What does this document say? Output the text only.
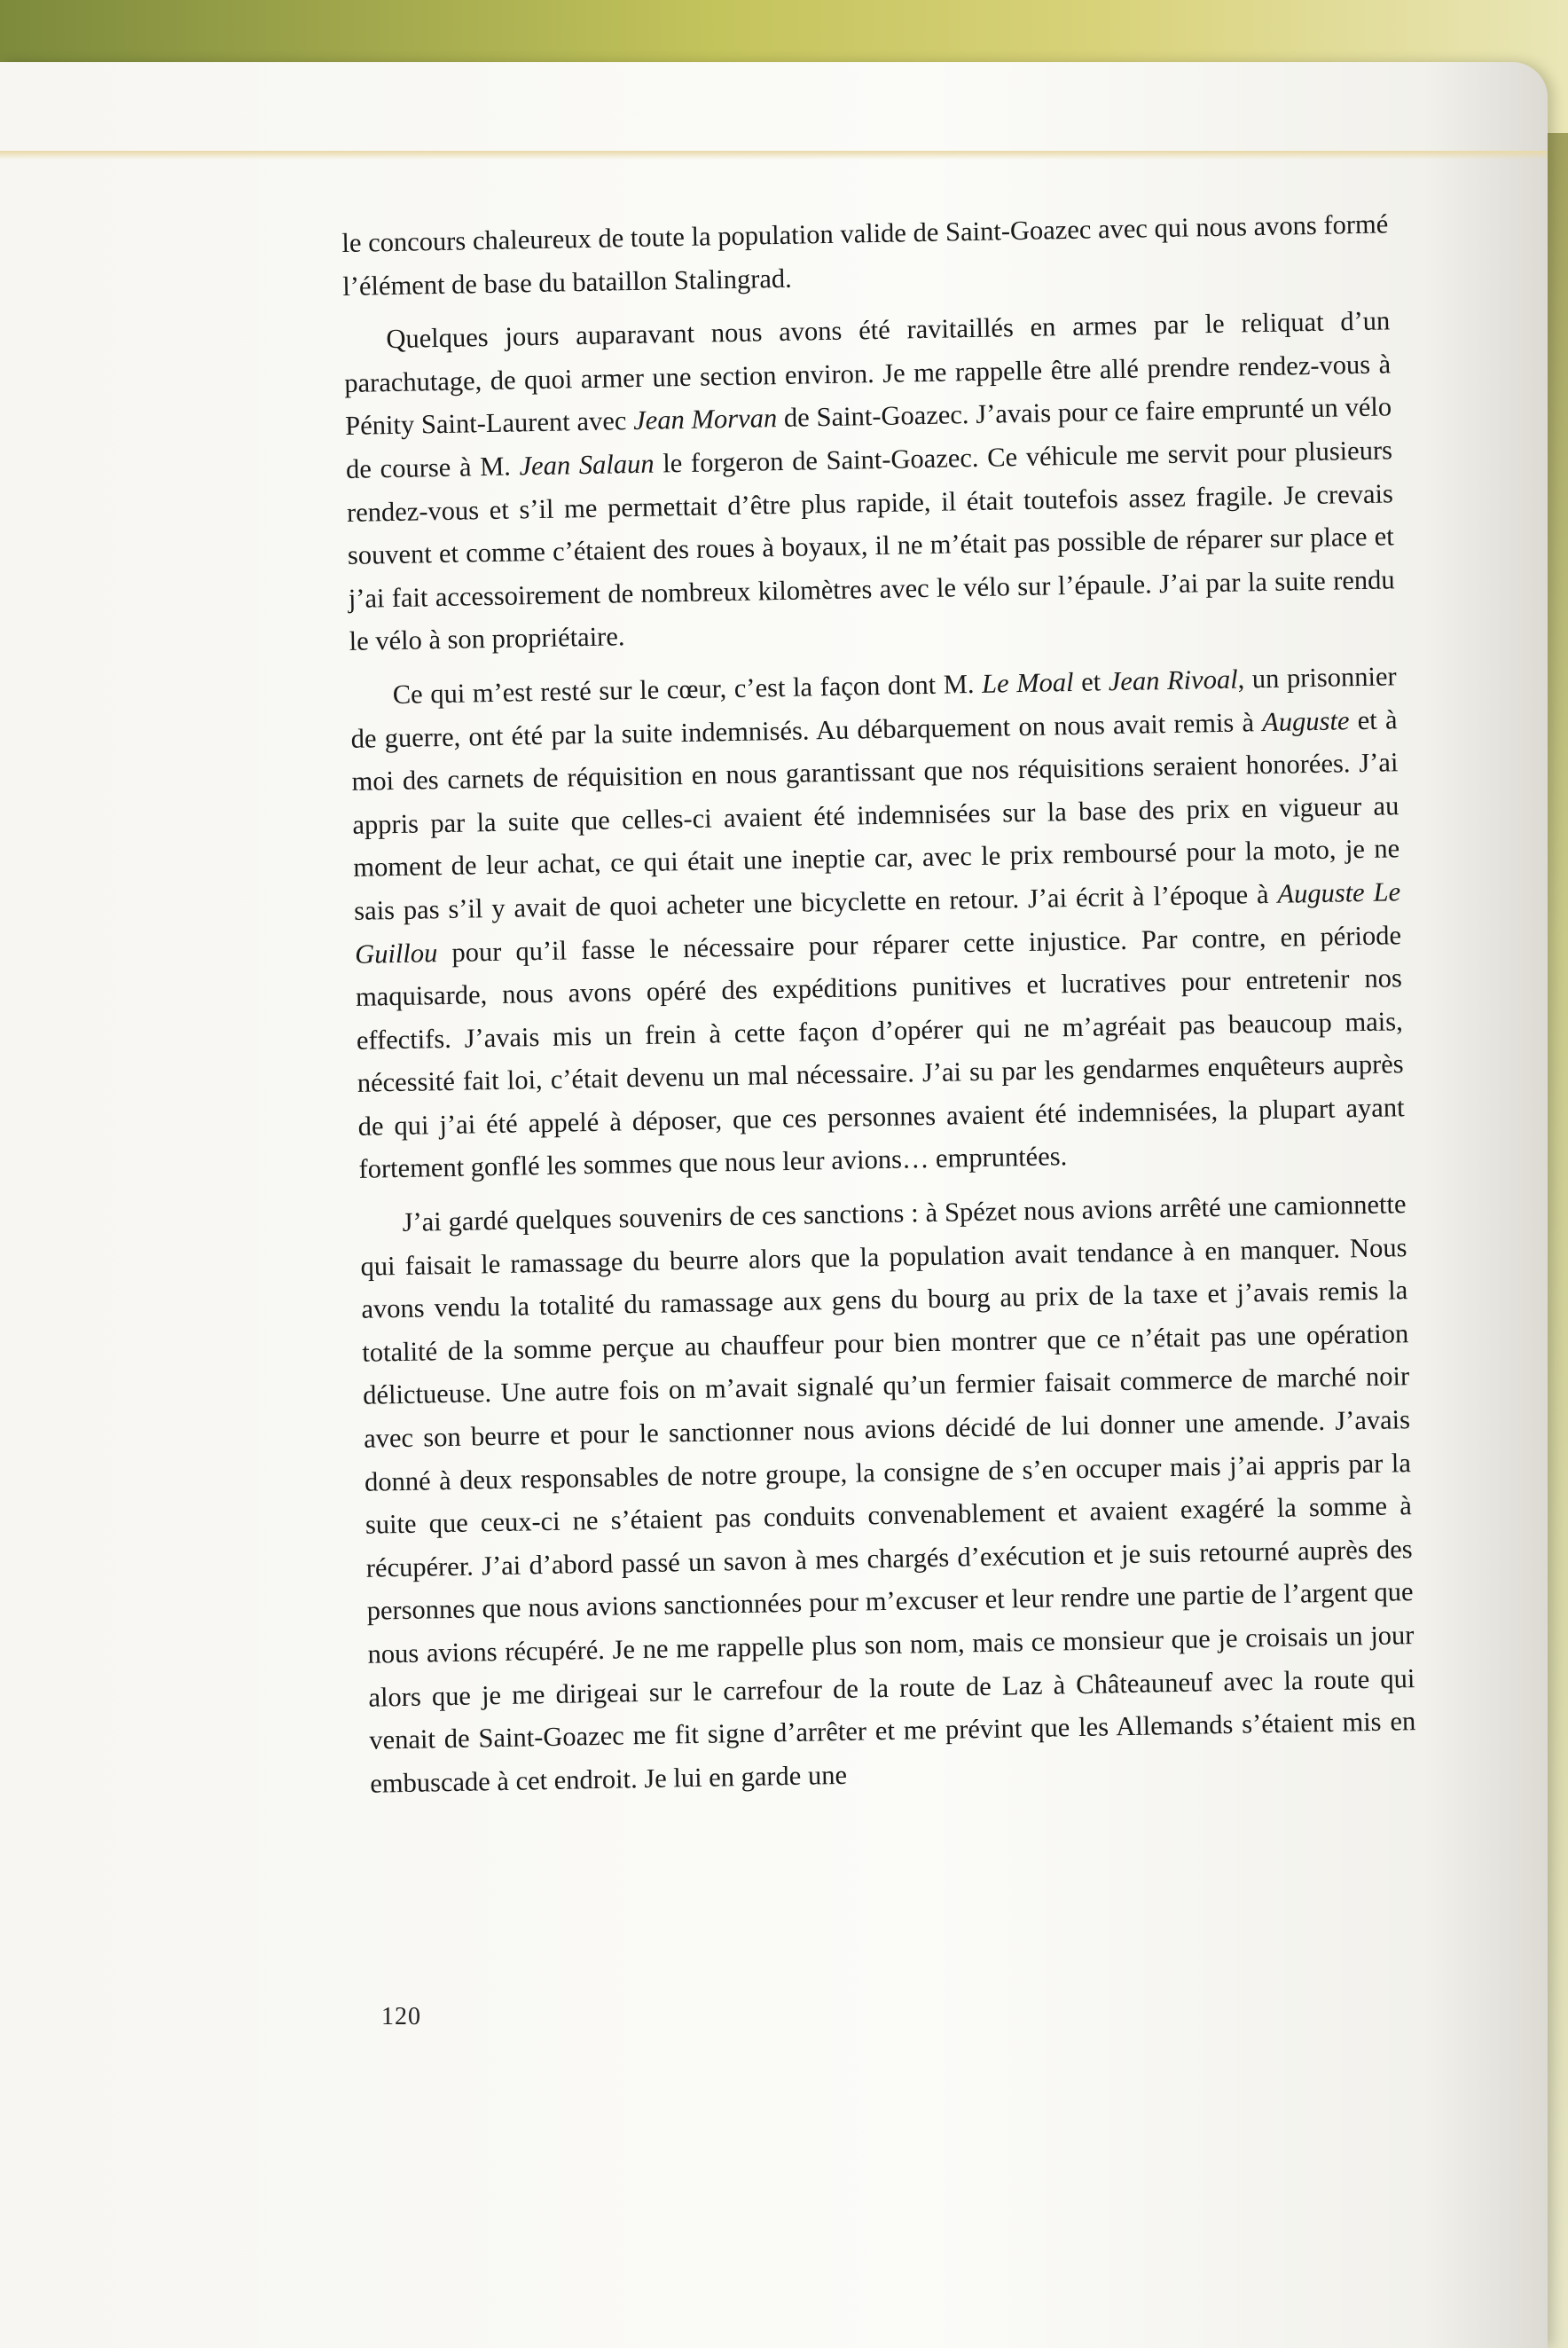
le concours chaleureux de toute la population valide de Saint-Goazec avec qui nous avons formé l’élément de base du bataillon Stalingrad.

Quelques jours auparavant nous avons été ravitaillés en armes par le reliquat d’un parachutage, de quoi armer une section environ. Je me rappelle être allé prendre rendez-vous à Pénity Saint-Laurent avec Jean Morvan de Saint-Goazec. J’avais pour ce faire emprunté un vélo de course à M. Jean Salaun le forgeron de Saint-Goazec. Ce véhicule me servit pour plusieurs rendez-vous et s’il me permettait d’être plus rapide, il était toutefois assez fragile. Je crevais souvent et comme c’étaient des roues à boyaux, il ne m’était pas possible de réparer sur place et j’ai fait accessoirement de nombreux kilomètres avec le vélo sur l’épaule. J’ai par la suite rendu le vélo à son propriétaire.

Ce qui m’est resté sur le cœur, c’est la façon dont M. Le Moal et Jean Rivoal, un prisonnier de guerre, ont été par la suite indemnisés. Au débarquement on nous avait remis à Auguste et à moi des carnets de réquisition en nous garantissant que nos réquisitions seraient honorées. J’ai appris par la suite que celles-ci avaient été indemnisées sur la base des prix en vigueur au moment de leur achat, ce qui était une ineptie car, avec le prix remboursé pour la moto, je ne sais pas s’il y avait de quoi acheter une bicyclette en retour. J’ai écrit à l’époque à Auguste Le Guillou pour qu’il fasse le nécessaire pour réparer cette injustice. Par contre, en période maquisarde, nous avons opéré des expéditions punitives et lucratives pour entretenir nos effectifs. J’avais mis un frein à cette façon d’opérer qui ne m’agréait pas beaucoup mais, nécessité fait loi, c’était devenu un mal nécessaire. J’ai su par les gendarmes enquêteurs auprès de qui j’ai été appelé à déposer, que ces personnes avaient été indemnisées, la plupart ayant fortement gonflé les sommes que nous leur avions… empruntées.

J’ai gardé quelques souvenirs de ces sanctions : à Spézet nous avions arrêté une camionnette qui faisait le ramassage du beurre alors que la population avait tendance à en manquer. Nous avons vendu la totalité du ramassage aux gens du bourg au prix de la taxe et j’avais remis la totalité de la somme perçue au chauffeur pour bien montrer que ce n’était pas une opération délictueuse. Une autre fois on m’avait signalé qu’un fermier faisait commerce de marché noir avec son beurre et pour le sanctionner nous avions décidé de lui donner une amende. J’avais donné à deux responsables de notre groupe, la consigne de s’en occuper mais j’ai appris par la suite que ceux-ci ne s’étaient pas conduits convenablement et avaient exagéré la somme à récupérer. J’ai d’abord passé un savon à mes chargés d’exécution et je suis retourné auprès des personnes que nous avions sanctionnées pour m’excuser et leur rendre une partie de l’argent que nous avions récupéré. Je ne me rappelle plus son nom, mais ce monsieur que je croisais un jour alors que je me dirigeai sur le carrefour de la route de Laz à Châteauneuf avec la route qui venait de Saint-Goazec me fit signe d’arrêter et me prévint que les Allemands s’étaient mis en embuscade à cet endroit. Je lui en garde une

120
